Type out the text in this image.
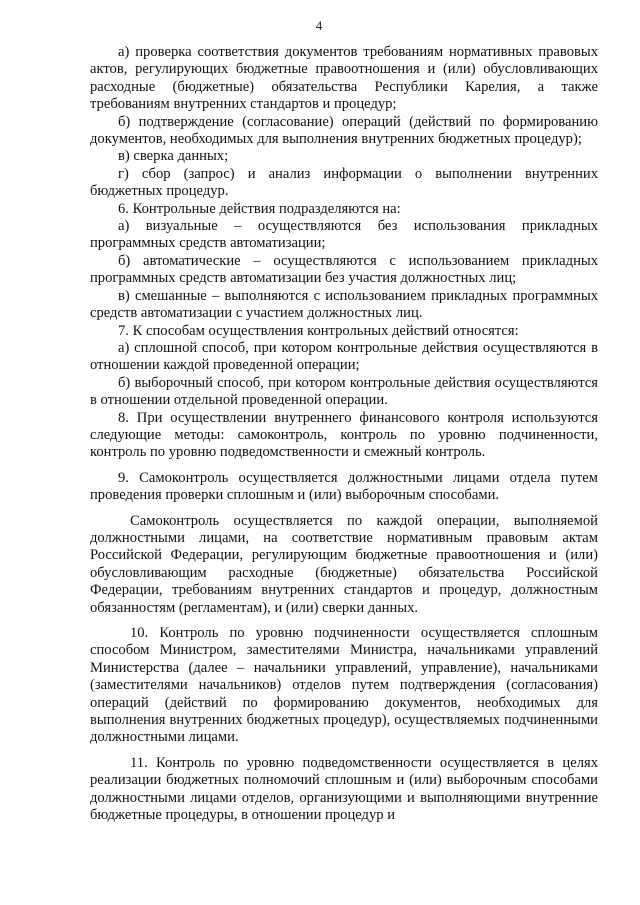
4

а) проверка соответствия документов требованиям нормативных правовых актов, регулирующих бюджетные правоотношения и (или) обусловливающих расходные (бюджетные) обязательства Республики Карелия, а также требованиям внутренних стандартов и процедур;

б) подтверждение (согласование) операций (действий по формированию документов, необходимых для выполнения внутренних бюджетных процедур);

в) сверка данных;

г) сбор (запрос) и анализ информации о выполнении внутренних бюджетных процедур.

6. Контрольные действия подразделяются на:

а) визуальные – осуществляются без использования прикладных программных средств автоматизации;

б) автоматические – осуществляются с использованием прикладных программных средств автоматизации без участия должностных лиц;

в) смешанные – выполняются с использованием прикладных программных средств автоматизации с участием должностных лиц.

7. К способам осуществления контрольных действий относятся:

а) сплошной способ, при котором контрольные действия осуществляются в отношении каждой проведенной операции;

б) выборочный способ, при котором контрольные действия осуществляются в отношении отдельной проведенной операции.

8. При осуществлении внутреннего финансового контроля используются следующие методы: самоконтроль, контроль по уровню подчиненности, контроль по уровню подведомственности и смежный контроль.

9. Самоконтроль осуществляется должностными лицами отдела путем проведения проверки сплошным и (или) выборочным способами.

Самоконтроль осуществляется по каждой операции, выполняемой должностными лицами, на соответствие нормативным правовым актам Российской Федерации, регулирующим бюджетные правоотношения и (или) обусловливающим расходные (бюджетные) обязательства Российской Федерации, требованиям внутренних стандартов и процедур, должностным обязанностям (регламентам), и (или) сверки данных.

10. Контроль по уровню подчиненности осуществляется сплошным способом Министром, заместителями Министра, начальниками управлений Министерства (далее – начальники управлений, управление), начальниками (заместителями начальников) отделов путем подтверждения (согласования) операций (действий по формированию документов, необходимых для выполнения внутренних бюджетных процедур), осуществляемых подчиненными должностными лицами.

11. Контроль по уровню подведомственности осуществляется в целях реализации бюджетных полномочий сплошным и (или) выборочным способами должностными лицами отделов, организующими и выполняющими внутренние бюджетные процедуры, в отношении процедур и
